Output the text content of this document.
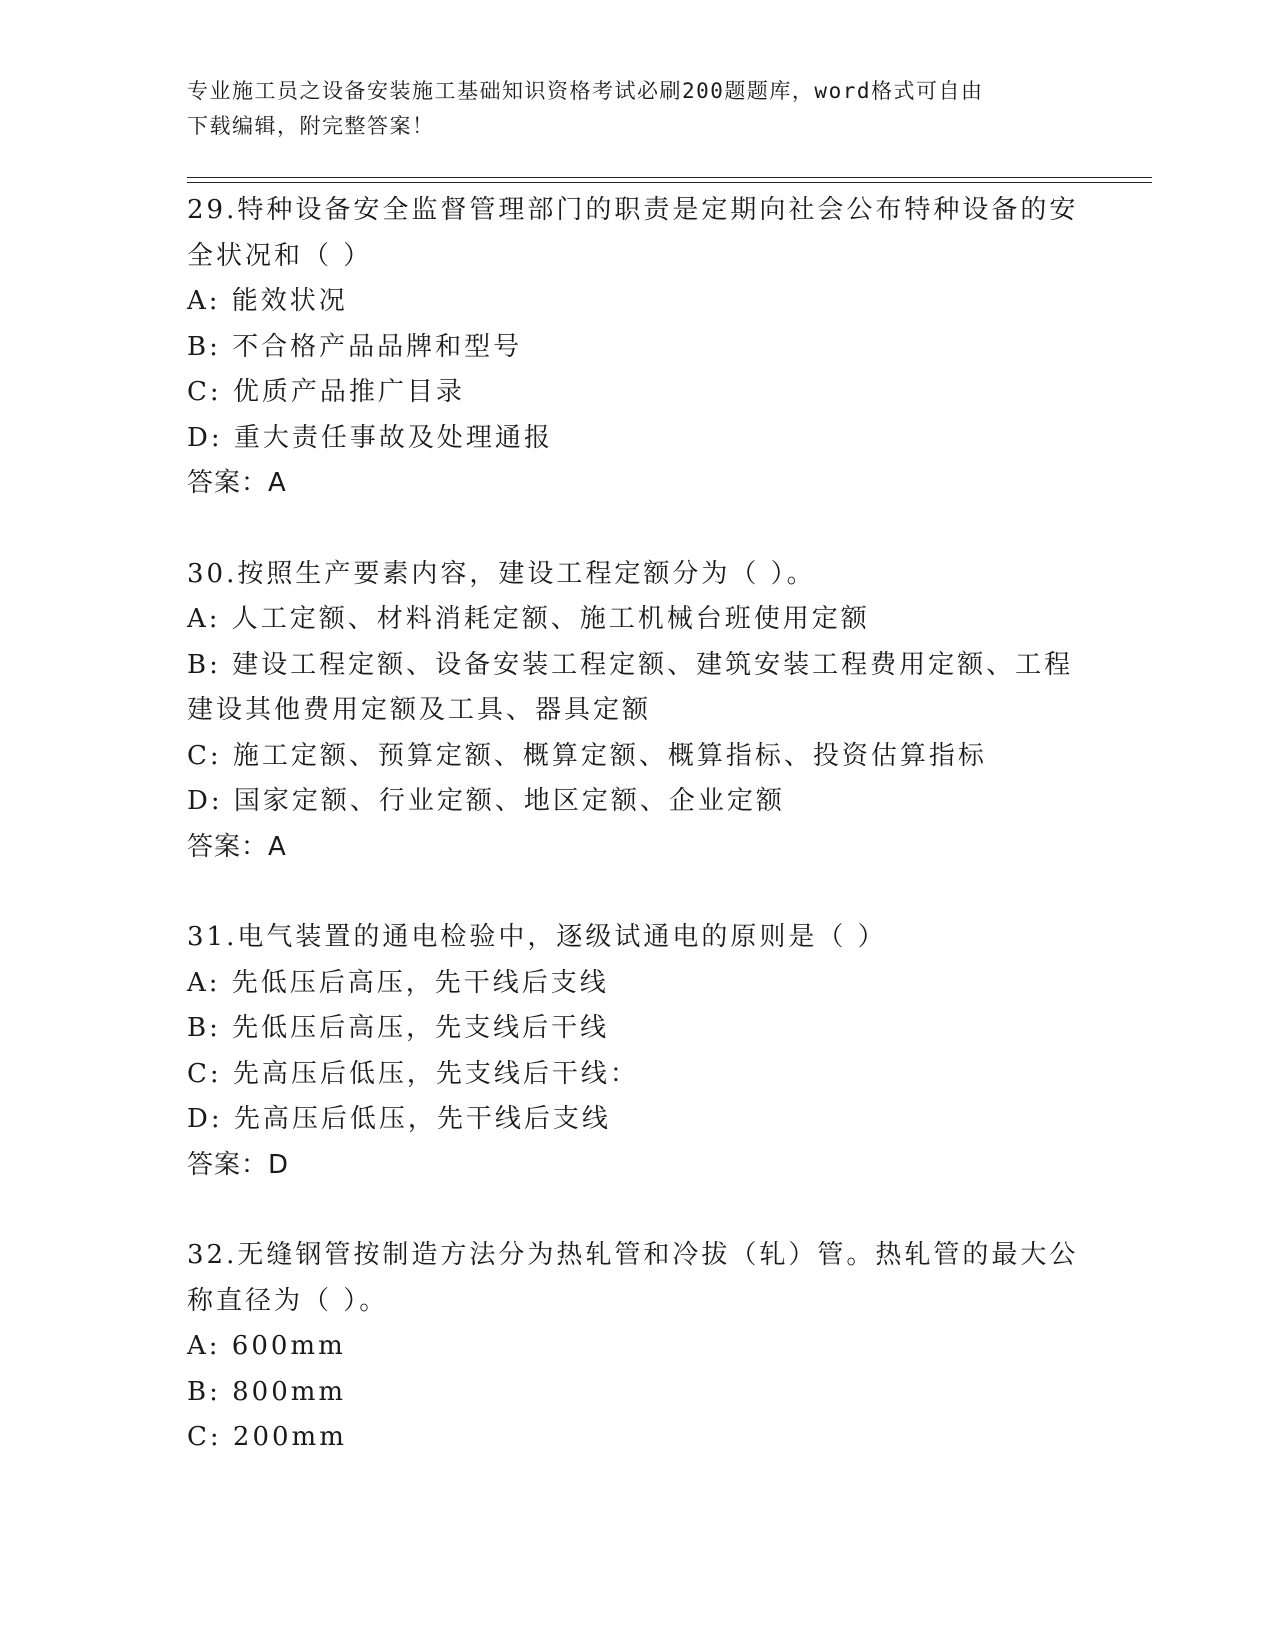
专业施工员之设备安装施工基础知识资格考试必刷200题题库，word格式可自由
下载编辑，附完整答案！
29.特种设备安全监督管理部门的职责是定期向社会公布特种设备的安
全状况和（ ）
A: 能效状况
B: 不合格产品品牌和型号
C: 优质产品推广目录
D: 重大责任事故及处理通报
答案：A
30.按照生产要素内容，建设工程定额分为（ ）。
A: 人工定额、材料消耗定额、施工机械台班使用定额
B: 建设工程定额、设备安装工程定额、建筑安装工程费用定额、工程
建设其他费用定额及工具、器具定额
C: 施工定额、预算定额、概算定额、概算指标、投资估算指标
D: 国家定额、行业定额、地区定额、企业定额
答案：A
31.电气装置的通电检验中，逐级试通电的原则是（ ）
A: 先低压后高压，先干线后支线
B: 先低压后高压，先支线后干线
C: 先高压后低压，先支线后干线：
D: 先高压后低压，先干线后支线
答案：D
32.无缝钢管按制造方法分为热轧管和冷拔（轧）管。热轧管的最大公
称直径为（ ）。
A: 600mm
B: 800mm
C: 200mm
